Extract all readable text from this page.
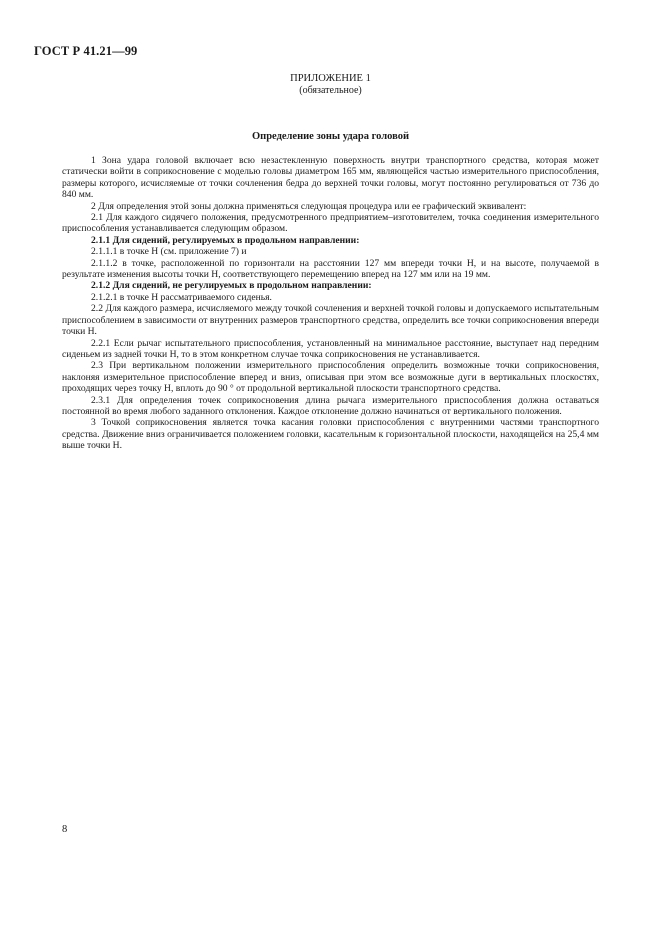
ГОСТ Р 41.21—99
ПРИЛОЖЕНИЕ 1
(обязательное)
Определение зоны удара головой

1 Зона удара головой включает всю незастекленную поверхность внутри транспортного средства, которая может статически войти в соприкосновение с моделью головы диаметром 165 мм, являющейся частью измерительного приспособления, размеры которого, исчисляемые от точки сочленения бедра до верхней точки головы, могут постоянно регулироваться от 736 до 840 мм.

2 Для определения этой зоны должна применяться следующая процедура или ее графический эквивалент:

2.1 Для каждого сидячего положения, предусмотренного предприятием–изготовителем, точка соединения измерительного приспособления устанавливается следующим образом.

2.1.1 Для сидений, регулируемых в продольном направлении:

2.1.1.1 в точке H (см. приложение 7) и

2.1.1.2 в точке, расположенной по горизонтали на расстоянии 127 мм впереди точки H, и на высоте, получаемой в результате изменения высоты точки H, соответствующего перемещению вперед на 127 мм или на 19 мм.

2.1.2 Для сидений, не регулируемых в продольном направлении:

2.1.2.1 в точке H рассматриваемого сиденья.

2.2 Для каждого размера, исчисляемого между точкой сочленения и верхней точкой головы и допускаемого испытательным приспособлением в зависимости от внутренних размеров транспортного средства, определить все точки соприкосновения впереди точки H.

2.2.1 Если рычаг испытательного приспособления, установленный на минимальное расстояние, выступает над передним сиденьем из задней точки H, то в этом конкретном случае точка соприкосновения не устанавливается.

2.3 При вертикальном положении измерительного приспособления определить возможные точки соприкосновения, наклоняя измерительное приспособление вперед и вниз, описывая при этом все возможные дуги в вертикальных плоскостях, проходящих через точку H, вплоть до 90 ° от продольной вертикальной плоскости транспортного средства.

2.3.1 Для определения точек соприкосновения длина рычага измерительного приспособления должна оставаться постоянной во время любого заданного отклонения. Каждое отклонение должно начинаться от вертикального положения.

3 Точкой соприкосновения является точка касания головки приспособления с внутренними частями транспортного средства. Движение вниз ограничивается положением головки, касательным к горизонтальной плоскости, находящейся на 25,4 мм выше точки H.

8
